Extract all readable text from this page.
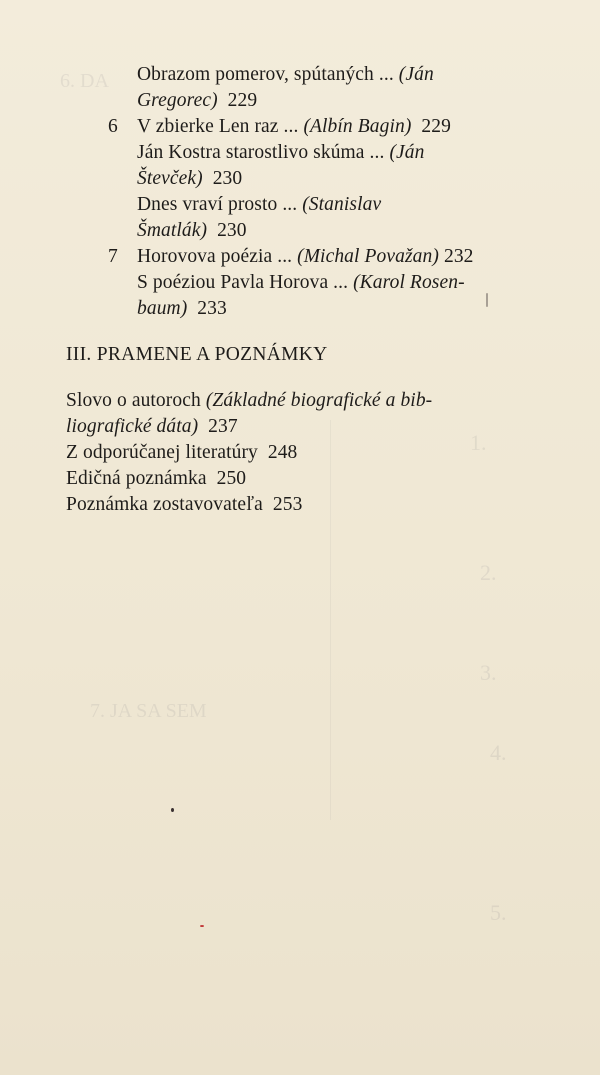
6. DA
1.
2.
3.
4.
5.
7. JA SA SEM
Obrazom pomerov, spútaných ... (Ján
Gregorec) 229
6 V zbierke Len raz ... (Albín Bagin) 229
Ján Kostra starostlivo skúma ... (Ján
Števček) 230
Dnes vraví prosto ... (Stanislav
Šmatlák) 230
7 Horovova poézia ... (Michal Považan) 232
S poéziou Pavla Horova ... (Karol Rosen-
baum) 233
III. PRAMENE A POZNÁMKY
Slovo o autoroch (Základné biografické a bib-
liografické dáta) 237
Z odporúčanej literatúry 248
Edičná poznámka 250
Poznámka zostavovateľa 253
